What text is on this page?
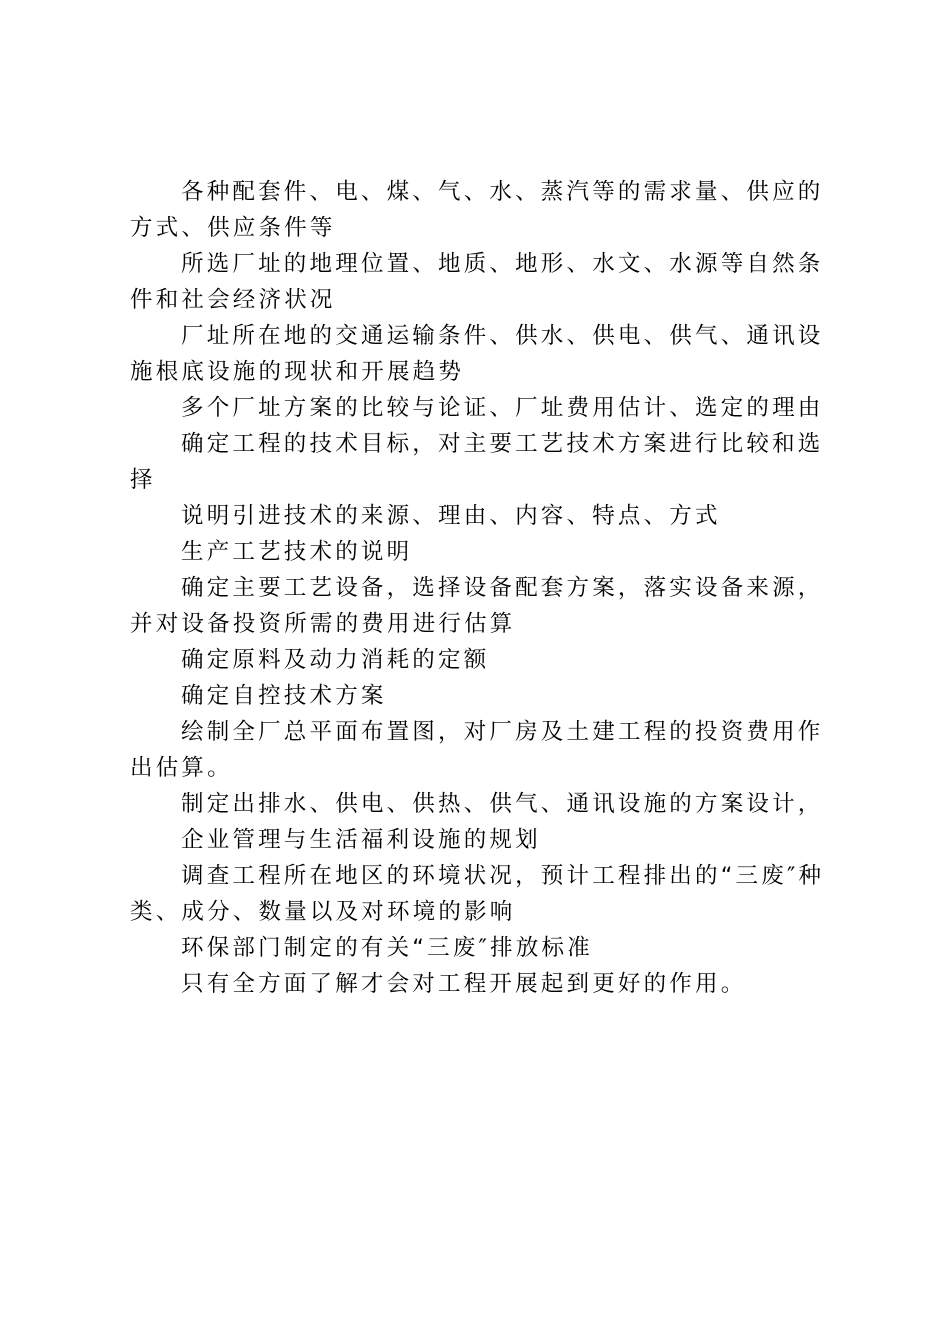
各种配套件、电、煤、气、水、蒸汽等的需求量、供应的方式、供应条件等

所选厂址的地理位置、地质、地形、水文、水源等自然条件和社会经济状况

厂址所在地的交通运输条件、供水、供电、供气、通讯设施根底设施的现状和开展趋势

多个厂址方案的比较与论证、厂址费用估计、选定的理由

确定工程的技术目标，对主要工艺技术方案进行比较和选择

说明引进技术的来源、理由、内容、特点、方式

生产工艺技术的说明

确定主要工艺设备，选择设备配套方案，落实设备来源，并对设备投资所需的费用进行估算

确定原料及动力消耗的定额

确定自控技术方案

绘制全厂总平面布置图，对厂房及土建工程的投资费用作出估算。

制定出排水、供电、供热、供气、通讯设施的方案设计，

企业管理与生活福利设施的规划

调查工程所在地区的环境状况，预计工程排出的“三废″种类、成分、数量以及对环境的影响

环保部门制定的有关“三废″排放标准

只有全方面了解才会对工程开展起到更好的作用。
